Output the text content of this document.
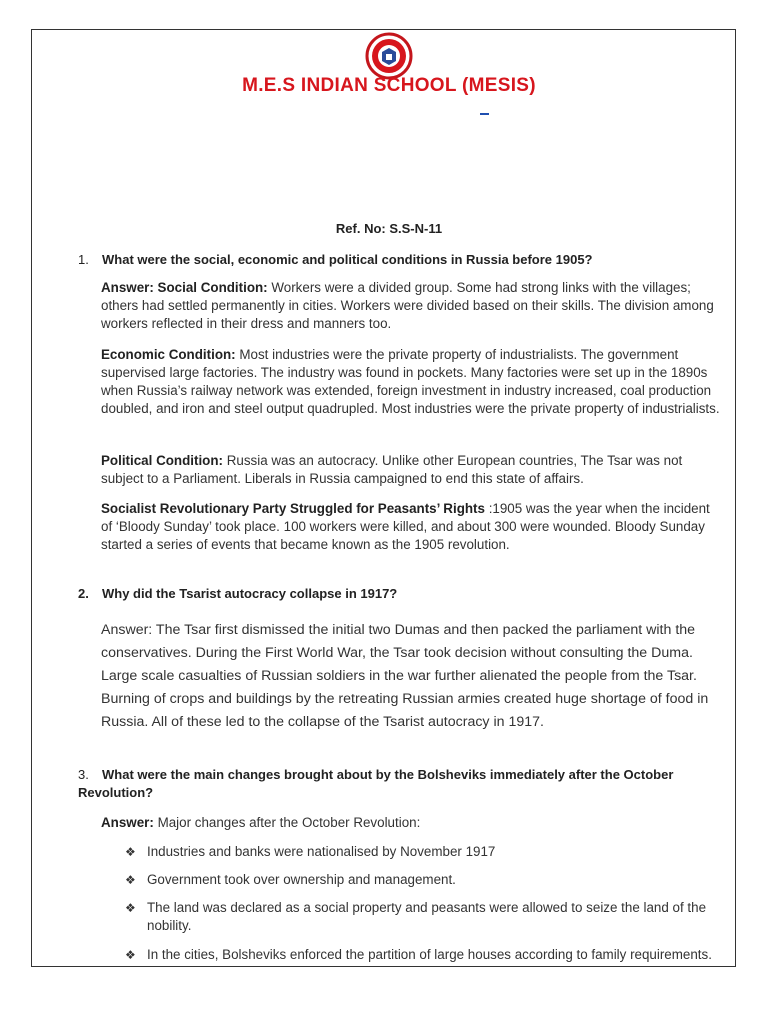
M.E.S INDIAN SCHOOL (MESIS)
Ref. No: S.S-N-11
1. What were the social, economic and political conditions in Russia before 1905?
Answer: Social Condition: Workers were a divided group. Some had strong links with the villages; others had settled permanently in cities. Workers were divided based on their skills. The division among workers reflected in their dress and manners too.
Economic Condition: Most industries were the private property of industrialists. The government supervised large factories. The industry was found in pockets. Many factories were set up in the 1890s when Russia’s railway network was extended, foreign investment in industry increased, coal production doubled, and iron and steel output quadrupled. Most industries were the private property of industrialists.
Political Condition: Russia was an autocracy. Unlike other European countries, The Tsar was not subject to a Parliament. Liberals in Russia campaigned to end this state of affairs.
Socialist Revolutionary Party Struggled for Peasants’ Rights :1905 was the year when the incident of ‘Bloody Sunday’ took place. 100 workers were killed, and about 300 were wounded. Bloody Sunday started a series of events that became known as the 1905 revolution.
2. Why did the Tsarist autocracy collapse in 1917?
Answer: The Tsar first dismissed the initial two Dumas and then packed the parliament with the conservatives. During the First World War, the Tsar took decision without consulting the Duma. Large scale casualties of Russian soldiers in the war further alienated the people from the Tsar. Burning of crops and buildings by the retreating Russian armies created huge shortage of food in Russia. All of these led to the collapse of the Tsarist autocracy in 1917.
3. What were the main changes brought about by the Bolsheviks immediately after the October Revolution?
Answer: Major changes after the October Revolution:
❖ Industries and banks were nationalised by November 1917
❖ Government took over ownership and management.
❖ The land was declared as a social property and peasants were allowed to seize the land of the nobility.
❖ In the cities, Bolsheviks enforced the partition of large houses according to family requirements.
